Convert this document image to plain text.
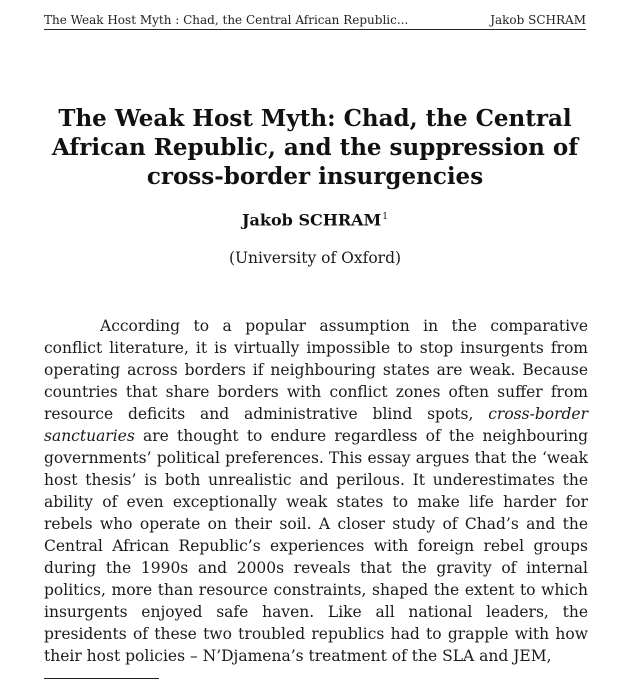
The Weak Host Myth : Chad, the Central African Republic...	Jakob SCHRAM
The Weak Host Myth: Chad, the Central
African Republic, and the suppression of
cross-border insurgencies
Jakob SCHRAM$^1$
(University of Oxford)

According to a popular assumption in the comparative conflict literature, it is virtually impossible to stop insurgents from operating across borders if neighbouring states are weak. Because countries that share borders with conflict zones often suffer from resource deficits and administrative blind spots, cross-border sanctuaries are thought to endure regardless of the neighbouring governments’ political preferences. This essay argues that the ‘weak host thesis’ is both unrealistic and perilous. It underestimates the ability of even exceptionally weak states to make life harder for rebels who operate on their soil. A closer study of Chad’s and the Central African Republic’s experiences with foreign rebel groups during the 1990s and 2000s reveals that the gravity of internal politics, more than resource constraints, shaped the extent to which insurgents enjoyed safe haven. Like all national leaders, the presidents of these two troubled republics had to grapple with how their host policies – N’Djamena’s treatment of the SLA and JEM,
